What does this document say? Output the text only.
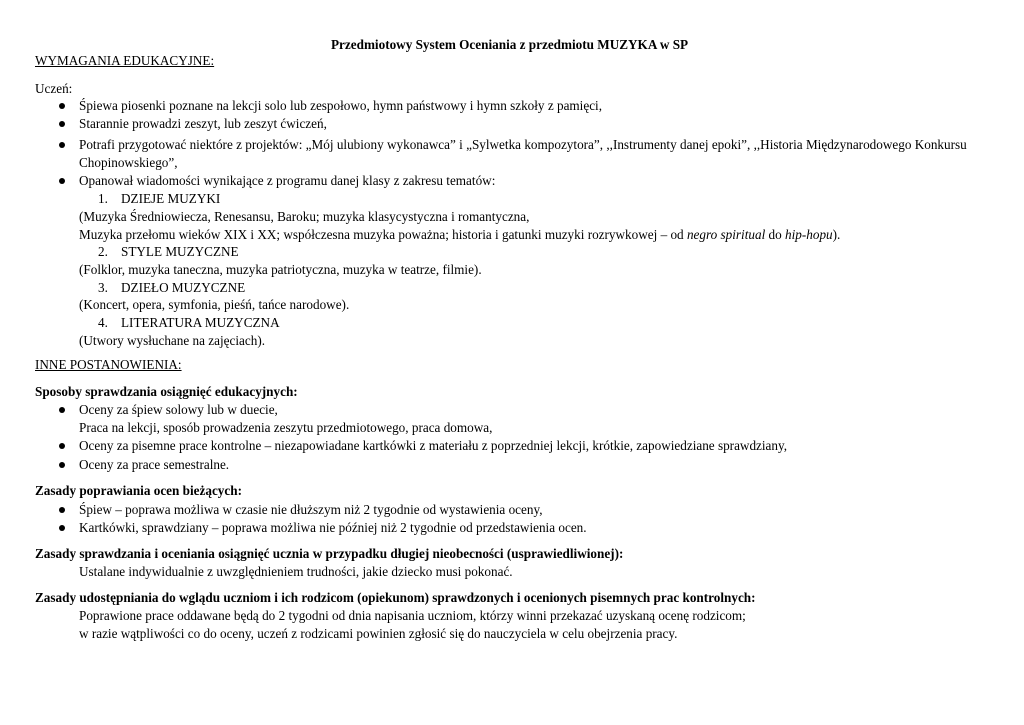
Przedmiotowy System Oceniania z przedmiotu MUZYKA w SP
WYMAGANIA EDUKACYJNE:
Uczeń:
Śpiewa piosenki poznane na lekcji solo lub zespołowo, hymn państwowy i hymn szkoły z pamięci,
Starannie prowadzi zeszyt, lub zeszyt ćwiczeń,
Potrafi przygotować niektóre z projektów: „Mój ulubiony wykonawca” i „Sylwetka kompozytora”, ,,Instrumenty danej epoki”, ,,Historia Międzynarodowego Konkursu
Chopinowskiego”,
Opanował wiadomości wynikające z programu danej klasy z zakresu tematów:
1. DZIEJE MUZYKI
(Muzyka Średniowiecza, Renesansu, Baroku; muzyka klasycystyczna i romantyczna,
Muzyka przełomu wieków XIX i XX; współczesna muzyka poważna; historia i gatunki muzyki rozrywkowej – od negro spiritual do hip-hopu).
2. STYLE MUZYCZNE
(Folklor, muzyka taneczna, muzyka patriotyczna, muzyka w teatrze, filmie).
3. DZIEŁO MUZYCZNE
(Koncert, opera, symfonia, pieśń, tańce narodowe).
4. LITERATURA MUZYCZNA
(Utwory wysłuchane na zajęciach).
INNE POSTANOWIENIA:
Sposoby sprawdzania osiągnięć edukacyjnych:
Oceny za śpiew solowy lub w duecie,
Praca na lekcji, sposób prowadzenia zeszytu przedmiotowego, praca domowa,
Oceny za pisemne prace kontrolne – niezapowiadane kartkówki z materiału z poprzedniej lekcji, krótkie, zapowiedziane sprawdziany,
Oceny za prace semestralne.
Zasady poprawiania ocen bieżących:
Śpiew – poprawa możliwa w czasie nie dłuższym niż 2 tygodnie od wystawienia oceny,
Kartkówki, sprawdziany – poprawa możliwa nie później niż 2 tygodnie od przedstawienia ocen.
Zasady sprawdzania i oceniania osiągnięć ucznia w przypadku długiej nieobecności (usprawiedliwionej):
Ustalane indywidualnie z uwzględnieniem trudności, jakie dziecko musi pokonać.
Zasady udostępniania do wglądu uczniom i ich rodzicom (opiekunom) sprawdzonych i ocenionych pisemnych prac kontrolnych:
Poprawione prace oddawane będą do 2 tygodni od dnia napisania uczniom, którzy winni przekazać uzyskaną ocenę rodzicom;
w razie wątpliwości co do oceny, uczeń z rodzicami powinien zgłosić się do nauczyciela w celu obejrzenia pracy.
